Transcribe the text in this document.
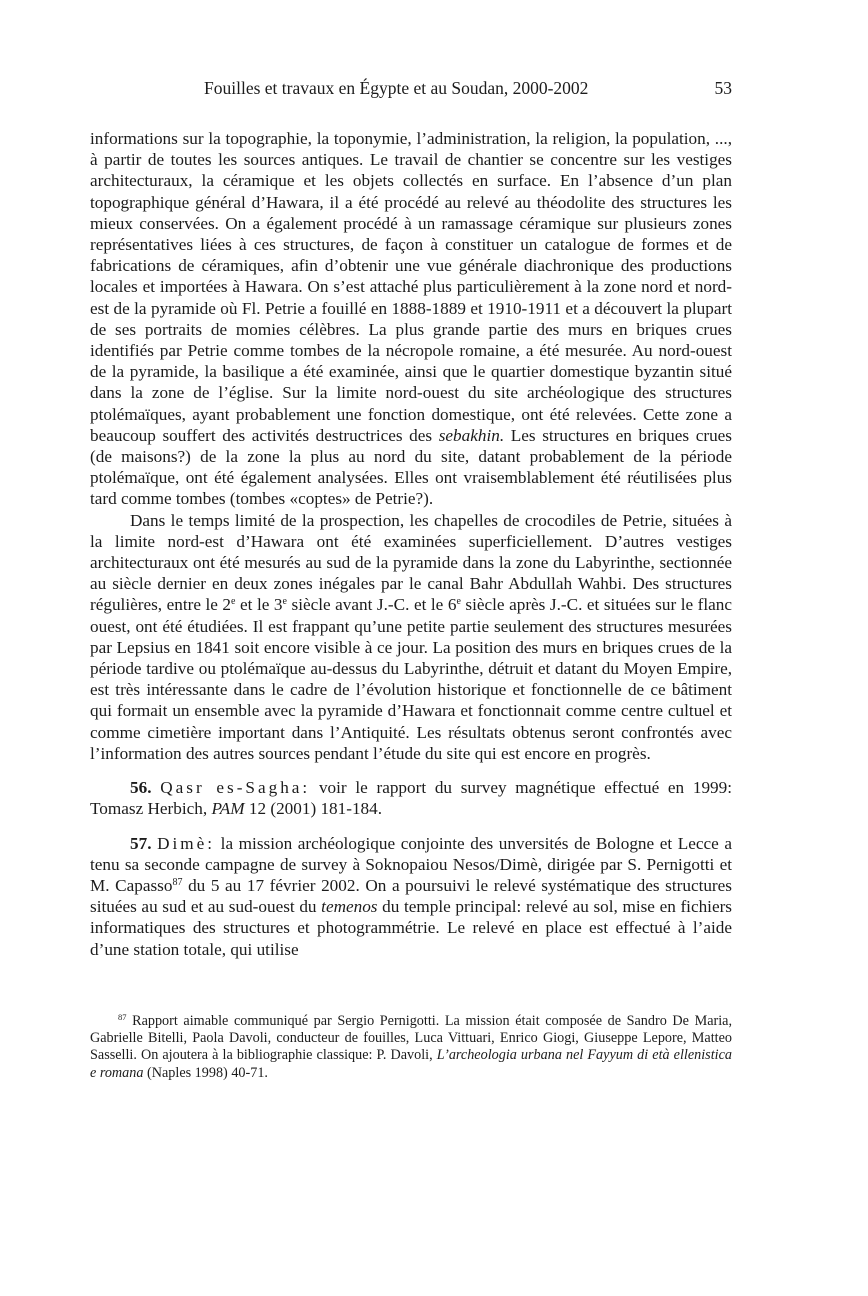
Fouilles et travaux en Égypte et au Soudan, 2000-2002	53

informations sur la topographie, la toponymie, l’administration, la religion, la population, ..., à partir de toutes les sources antiques. Le travail de chantier se concentre sur les vestiges architecturaux, la céramique et les objets collectés en surface. En l’absence d’un plan topographique général d’Hawara, il a été procédé au relevé au théodolite des structures les mieux conservées. On a également procédé à un ramassage céramique sur plusieurs zones représentatives liées à ces structures, de façon à constituer un catalogue de formes et de fabrications de céramiques, afin d’obtenir une vue générale diachronique des productions locales et importées à Hawara. On s’est attaché plus particulièrement à la zone nord et nord-est de la pyramide où Fl. Petrie a fouillé en 1888-1889 et 1910-1911 et a découvert la plupart de ses portraits de momies célèbres. La plus grande partie des murs en briques crues identifiés par Petrie comme tombes de la nécropole romaine, a été mesurée. Au nord-ouest de la pyramide, la basilique a été examinée, ainsi que le quartier domestique byzantin situé dans la zone de l’église. Sur la limite nord-ouest du site archéologique des structures ptolémaïques, ayant probablement une fonction domestique, ont été relevées. Cette zone a beaucoup souffert des activités destructrices des sebakhin. Les structures en briques crues (de maisons?) de la zone la plus au nord du site, datant probablement de la période ptolémaïque, ont été également analysées. Elles ont vraisemblablement été réutilisées plus tard comme tombes (tombes «coptes» de Petrie?).

Dans le temps limité de la prospection, les chapelles de crocodiles de Petrie, situées à la limite nord-est d’Hawara ont été examinées superficiellement. D’autres vestiges architecturaux ont été mesurés au sud de la pyramide dans la zone du Labyrinthe, sectionnée au siècle dernier en deux zones inégales par le canal Bahr Abdullah Wahbi. Des structures régulières, entre le 2e et le 3e siècle avant J.-C. et le 6e siècle après J.-C. et situées sur le flanc ouest, ont été étudiées. Il est frappant qu’une petite partie seulement des structures mesurées par Lepsius en 1841 soit encore visible à ce jour. La position des murs en briques crues de la période tardive ou ptolémaïque au-dessus du Labyrinthe, détruit et datant du Moyen Empire, est très intéressante dans le cadre de l’évolution historique et fonctionnelle de ce bâtiment qui formait un ensemble avec la pyramide d’Hawara et fonctionnait comme centre cultuel et comme cimetière important dans l’Antiquité. Les résultats obtenus seront confrontés avec l’information des autres sources pendant l’étude du site qui est encore en progrès.

56. Qasr es-Sagha: voir le rapport du survey magnétique effectué en 1999: Tomasz Herbich, PAM 12 (2001) 181-184.

57. Dimè: la mission archéologique conjointe des unversités de Bologne et Lecce a tenu sa seconde campagne de survey à Soknopaiou Nesos/Dimè, dirigée par S. Pernigotti et M. Capasso$^{87}$ du 5 au 17 février 2002. On a poursuivi le relevé systématique des structures situées au sud et au sud-ouest du temenos du temple principal: relevé au sol, mise en fichiers informatiques des structures et photogrammétrie. Le relevé en place est effectué à l’aide d’une station totale, qui utilise

$^{87}$ Rapport aimable communiqué par Sergio Pernigotti. La mission était composée de Sandro De Maria, Gabrielle Bitelli, Paola Davoli, conducteur de fouilles, Luca Vittuari, Enrico Giogi, Giuseppe Lepore, Matteo Sasselli. On ajoutera à la bibliographie classique: P. Davoli, L’archeologia urbana nel Fayyum di età ellenistica e romana (Naples 1998) 40-71.
